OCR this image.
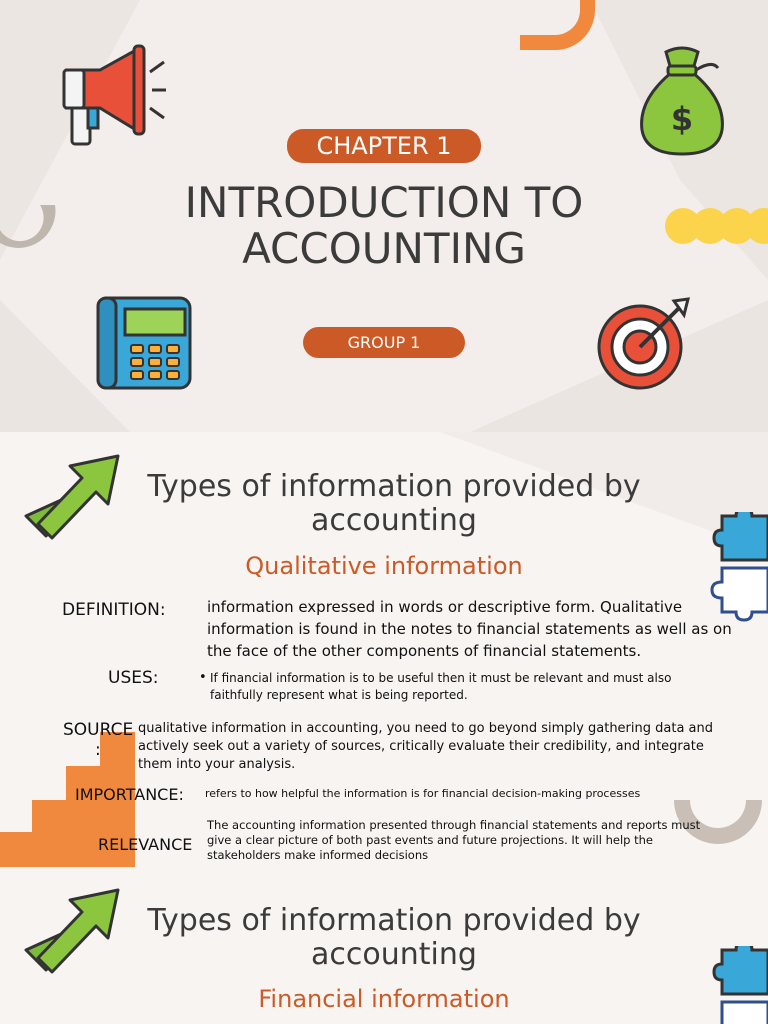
$
CHAPTER 1
INTRODUCTION TO
ACCOUNTING
GROUP 1
Types of information provided by
accounting
Qualitative information
DEFINITION:	information expressed in words or descriptive form. Qualitative information is found in the notes to financial statements as well as on the face of the other components of financial statements.
USES:	• If financial information is to be useful then it must be relevant and must also faithfully represent what is being reported.
SOURCE
:
qualitative information in accounting, you need to go beyond simply gathering data and actively seek out a variety of sources, critically evaluate their credibility, and integrate them into your analysis.
IMPORTANCE: refers to how helpful the information is for financial decision-making processes
RELEVANCE
The accounting information presented through financial statements and reports must give a clear picture of both past events and future projections. It will help the stakeholders make informed decisions
Types of information provided by
accounting
Financial information
